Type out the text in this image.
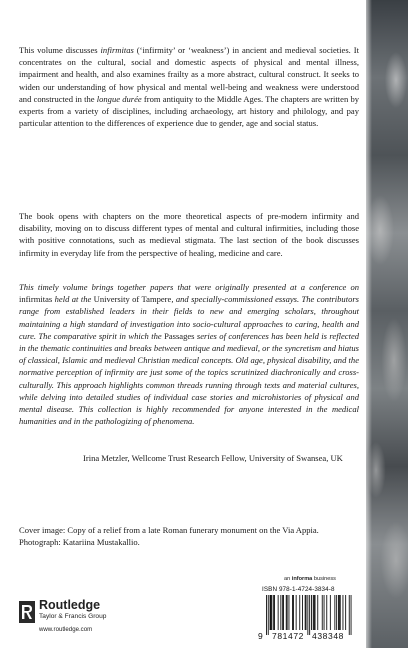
This volume discusses infirmitas (‘infirmity’ or ‘weakness’) in ancient and medieval societies. It concentrates on the cultural, social and domestic aspects of physical and mental illness, impairment and health, and also examines frailty as a more abstract, cultural construct. It seeks to widen our understanding of how physical and mental well-being and weakness were understood and constructed in the longue durée from antiquity to the Middle Ages. The chapters are written by experts from a variety of disciplines, including archaeology, art history and philology, and pay particular attention to the differences of experience due to gender, age and social status.

The book opens with chapters on the more theoretical aspects of pre-modern infirmity and disability, moving on to discuss different types of mental and cultural infirmities, including those with positive connotations, such as medieval stigmata. The last section of the book discusses infirmity in everyday life from the perspective of healing, medicine and care.

This timely volume brings together papers that were originally presented at a conference on infirmitas held at the University of Tampere, and specially-commissioned essays. The contributors range from established leaders in their fields to new and emerging scholars, throughout maintaining a high standard of investigation into socio-cultural approaches to caring, health and cure. The comparative spirit in which the Passages series of conferences has been held is reflected in the thematic continuities and breaks between antique and medieval, or the syncretism and hiatus of classical, Islamic and medieval Christian medical concepts. Old age, physical disability, and the normative perception of infirmity are just some of the topics scrutinized diachronically and cross-culturally. This approach highlights common threads running through texts and material cultures, while delving into detailed studies of individual case stories and microhistories of physical and mental disease. This collection is highly recommended for anyone interested in the medical humanities and in the pathologizing of phenomena.

Irina Metzler, Wellcome Trust Research Fellow, University of Swansea, UK

Cover image: Copy of a relief from a late Roman funerary monument on the Via Appia. Photograph: Katariina Mustakallio.

Routledge
Taylor & Francis Group
www.routledge.com
an informa business
ISBN 978-1-4724-3834-8
9 781472 438348
